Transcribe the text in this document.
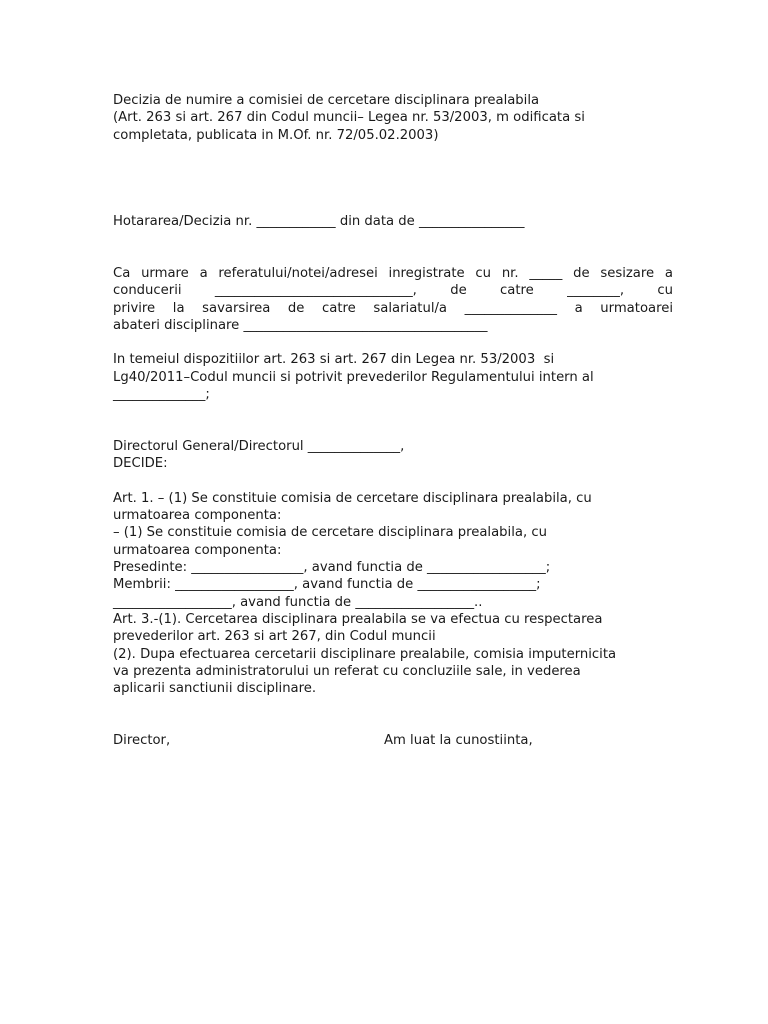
Decizia de numire a comisiei de cercetare disciplinara prealabila
(Art. 263 si art. 267 din Codul muncii– Legea nr. 53/2003, m odificata si
completata, publicata in M.Of. nr. 72/05.02.2003)
Hotararea/Decizia nr. ____________ din data de ________________
Ca urmare a referatului/notei/adresei inregistrate cu nr. _____ de sesizare a
conducerii ______________________________, de catre ________, cu
privire la savarsirea de catre salariatul/a ______________ a urmatoarei
abateri disciplinare _____________________________________
In temeiul dispozitiilor art. 263 si art. 267 din Legea nr. 53/2003  si
Lg40/2011–Codul muncii si potrivit prevederilor Regulamentului intern al
______________;
Directorul General/Directorul ______________,
DECIDE:
Art. 1. – (1) Se constituie comisia de cercetare disciplinara prealabila, cu
urmatoarea componenta:
– (1) Se constituie comisia de cercetare disciplinara prealabila, cu
urmatoarea componenta:
Presedinte: _________________, avand functia de __________________;
Membrii: __________________, avand functia de __________________;
__________________, avand functia de __________________..
Art. 3.-(1). Cercetarea disciplinara prealabila se va efectua cu respectarea
prevederilor art. 263 si art 267, din Codul muncii
(2). Dupa efectuarea cercetarii disciplinare prealabile, comisia imputernicita
va prezenta administratorului un referat cu concluziile sale, in vederea
aplicarii sanctiunii disciplinare.
Director,	Am luat la cunostiinta,
